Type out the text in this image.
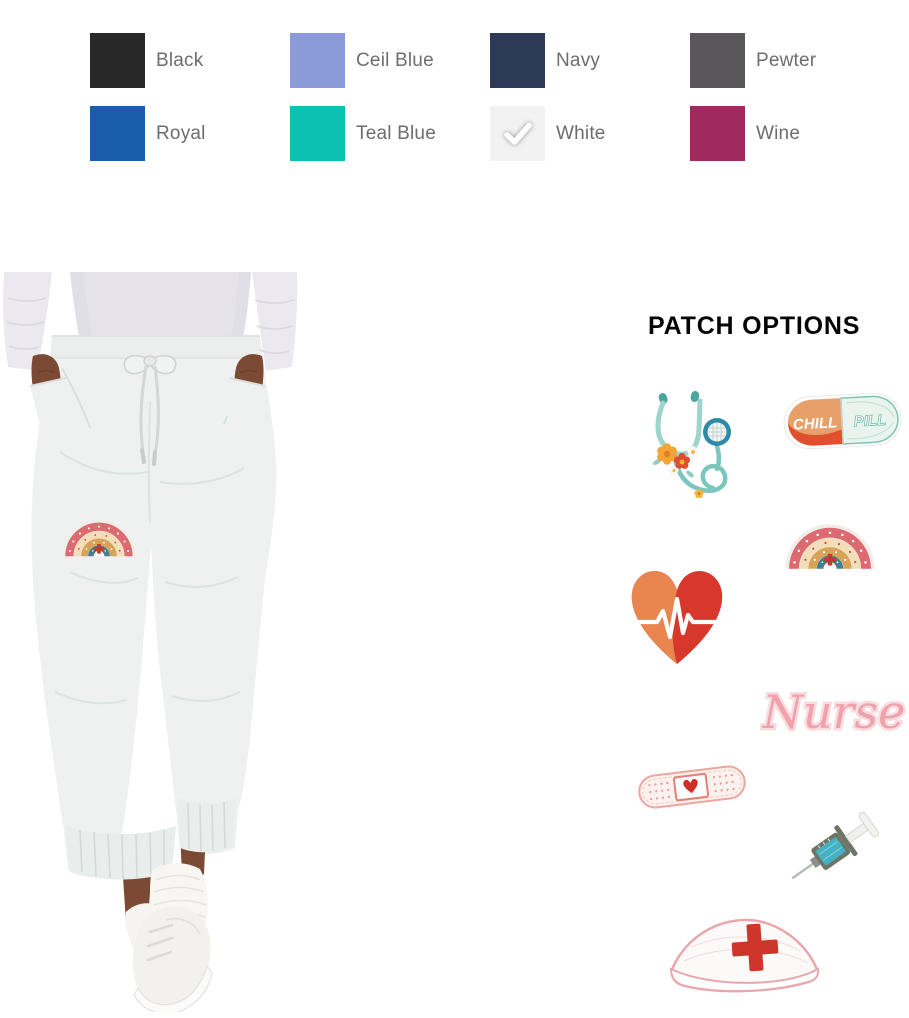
Black	Ceil Blue	Navy	Pewter
Royal	Teal Blue	White	Wine
PATCH OPTIONS
CHILL PILL
Nurse
